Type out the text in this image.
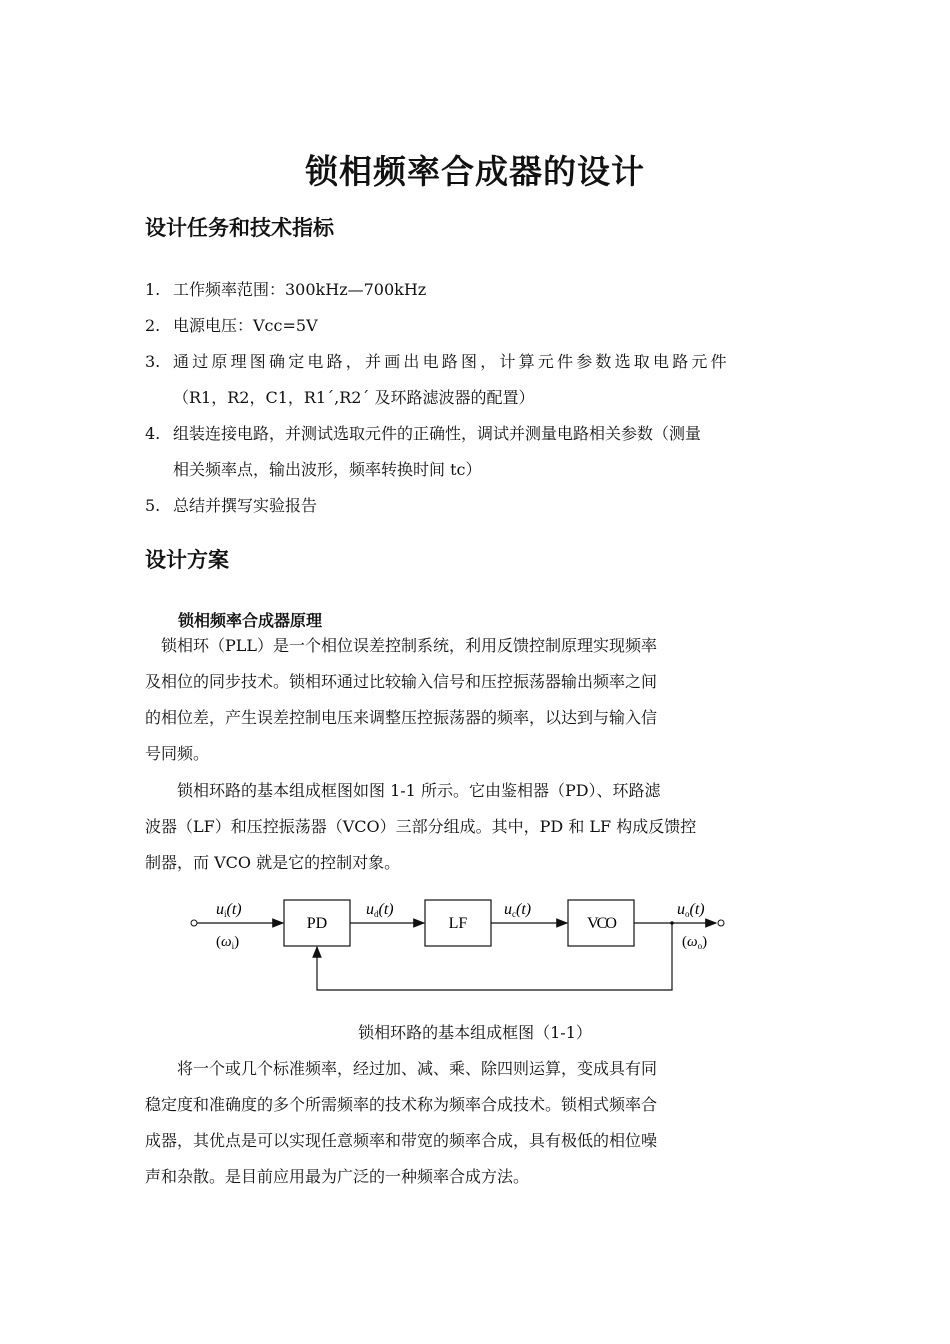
锁相频率合成器的设计
设计任务和技术指标
1. 工作频率范围：300kHz—700kHz
2. 电源电压：Vcc=5V
3. 通过原理图确定电路，并画出电路图，计算元件参数选取电路元件
（R1，R2，C1，R1´,R2´ 及环路滤波器的配置）
4. 组装连接电路，并测试选取元件的正确性，调试并测量电路相关参数（测量
相关频率点，输出波形，频率转换时间 tc）
5. 总结并撰写实验报告
设计方案
锁相频率合成器原理
　锁相环（PLL）是一个相位误差控制系统，利用反馈控制原理实现频率
及相位的同步技术。锁相环通过比较输入信号和压控振荡器输出频率之间
的相位差，产生误差控制电压来调整压控振荡器的频率，以达到与输入信
号同频。
　　锁相环路的基本组成框图如图 1-1 所示。它由鉴相器（PD）、环路滤
波器（LF）和压控振荡器（VCO）三部分组成。其中，PD 和 LF 构成反馈控
制器，而 VCO 就是它的控制对象。
PD	LF	VCO
ui(t)
$(\omega_i)$
ud(t)	uc(t)	uo(t)
$(\omega_o)$

锁相环路的基本组成框图（1-1）

　　将一个或几个标准频率，经过加、减、乘、除四则运算，变成具有同
稳定度和准确度的多个所需频率的技术称为频率合成技术。锁相式频率合
成器，其优点是可以实现任意频率和带宽的频率合成，具有极低的相位噪
声和杂散。是目前应用最为广泛的一种频率合成方法。
